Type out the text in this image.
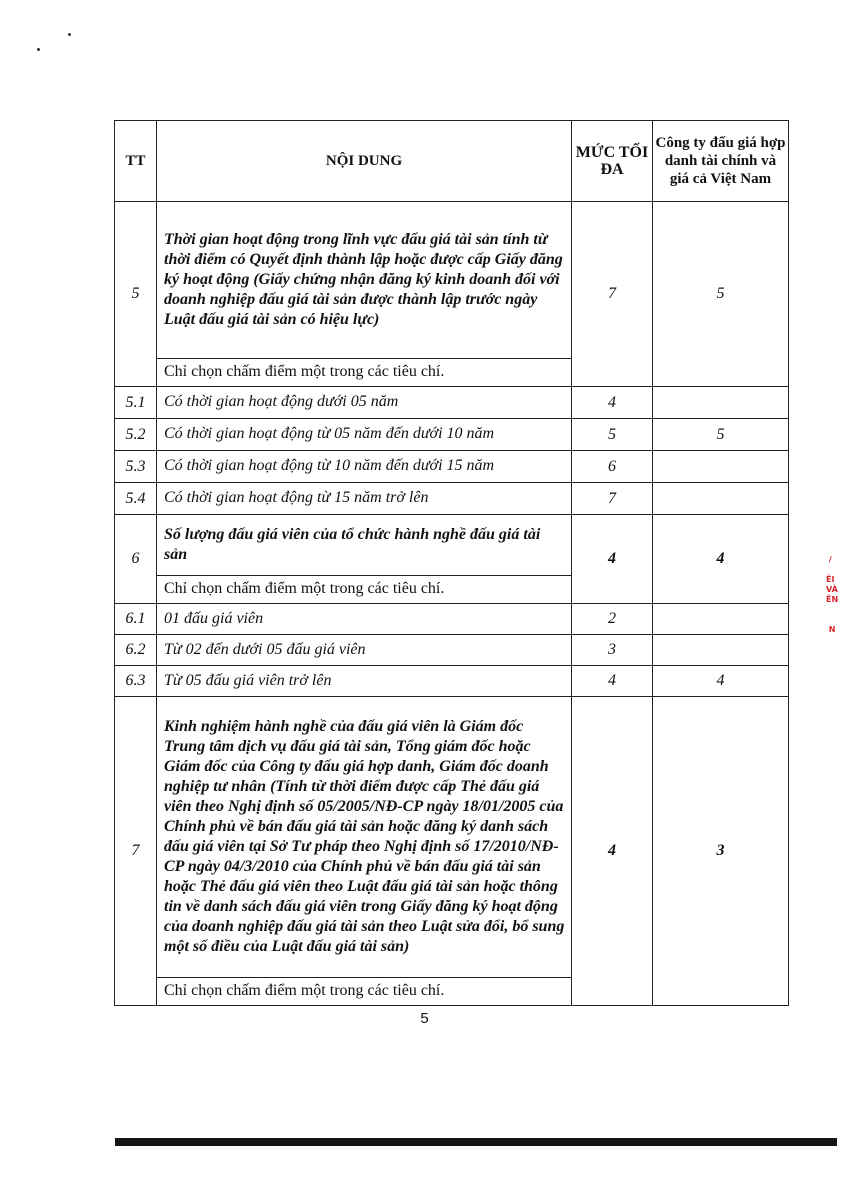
TT	NỘI DUNG	MỨC TỐI ĐA	Công ty đấu giá hợp danh tài chính và giá cả Việt Nam
5	Thời gian hoạt động trong lĩnh vực đấu giá tài sản tính từ thời điểm có Quyết định thành lập hoặc được cấp Giấy đăng ký hoạt động (Giấy chứng nhận đăng ký kinh doanh đối với doanh nghiệp đấu giá tài sản được thành lập trước ngày Luật đấu giá tài sản có hiệu lực)	7	5
	Chỉ chọn chấm điểm một trong các tiêu chí.		
5.1	Có thời gian hoạt động dưới 05 năm	4	
5.2	Có thời gian hoạt động từ 05 năm đến dưới 10 năm	5	5
5.3	Có thời gian hoạt động từ 10 năm đến dưới 15 năm	6	
5.4	Có thời gian hoạt động từ 15 năm trở lên	7	
6	Số lượng đấu giá viên của tổ chức hành nghề đấu giá tài sản	4	4
	Chỉ chọn chấm điểm một trong các tiêu chí.		
6.1	01 đấu giá viên	2	
6.2	Từ 02 đến dưới 05 đấu giá viên	3	
6.3	Từ 05 đấu giá viên trở lên	4	4
7	Kinh nghiệm hành nghề của đấu giá viên là Giám đốc Trung tâm dịch vụ đấu giá tài sản, Tổng giám đốc hoặc Giám đốc của Công ty đấu giá hợp danh, Giám đốc doanh nghiệp tư nhân (Tính từ thời điểm được cấp Thẻ đấu giá viên theo Nghị định số 05/2005/NĐ-CP ngày 18/01/2005 của Chính phủ về bán đấu giá tài sản hoặc đăng ký danh sách đấu giá viên tại Sở Tư pháp theo Nghị định số 17/2010/NĐ-CP ngày 04/3/2010 của Chính phủ về bán đấu giá tài sản hoặc Thẻ đấu giá viên theo Luật đấu giá tài sản hoặc thông tin về danh sách đấu giá viên trong Giấy đăng ký hoạt động của doanh nghiệp đấu giá tài sản theo Luật sửa đổi, bổ sung một số điều của Luật đấu giá tài sản)	4	3
	Chỉ chọn chấm điểm một trong các tiêu chí.		
5
/

ÊI
VÀ
ÊN

N
